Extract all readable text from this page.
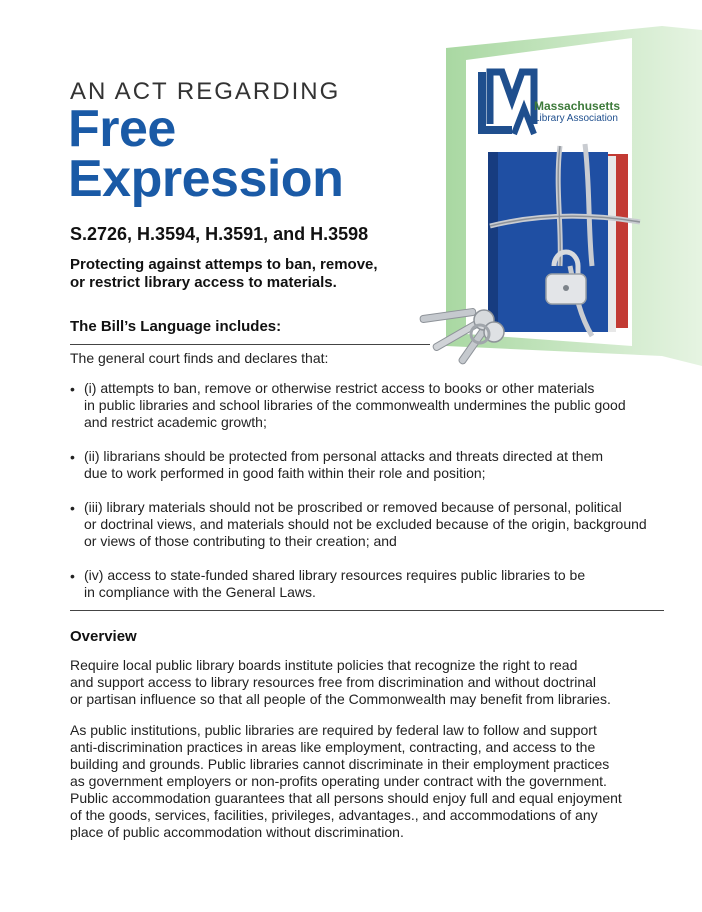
Massachusetts
Library Association
AN ACT REGARDING
Free
Expression
S.2726, H.3594, H.3591, and H.3598
Protecting against attemps to ban, remove,
or restrict library access to materials.
The Bill’s Language includes:
The general court finds and declares that:
• (i) attempts to ban, remove or otherwise restrict access to books or other materials
in public libraries and school libraries of the commonwealth undermines the public good
and restrict academic growth;
• (ii) librarians should be protected from personal attacks and threats directed at them
due to work performed in good faith within their role and position;
• (iii) library materials should not be proscribed or removed because of personal, political
or doctrinal views, and materials should not be excluded because of the origin, background
or views of those contributing to their creation; and
• (iv) access to state-funded shared library resources requires public libraries to be
in compliance with the General Laws.
Overview
Require local public library boards institute policies that recognize the right to read
and support access to library resources free from discrimination and without doctrinal
or partisan influence so that all people of the Commonwealth may benefit from libraries.
As public institutions, public libraries are required by federal law to follow and support
anti-discrimination practices in areas like employment, contracting, and access to the
building and grounds. Public libraries cannot discriminate in their employment practices
as government employers or non-profits operating under contract with the government.
Public accommodation guarantees that all persons should enjoy full and equal enjoyment
of the goods, services, facilities, privileges, advantages., and accommodations of any
place of public accommodation without discrimination.
